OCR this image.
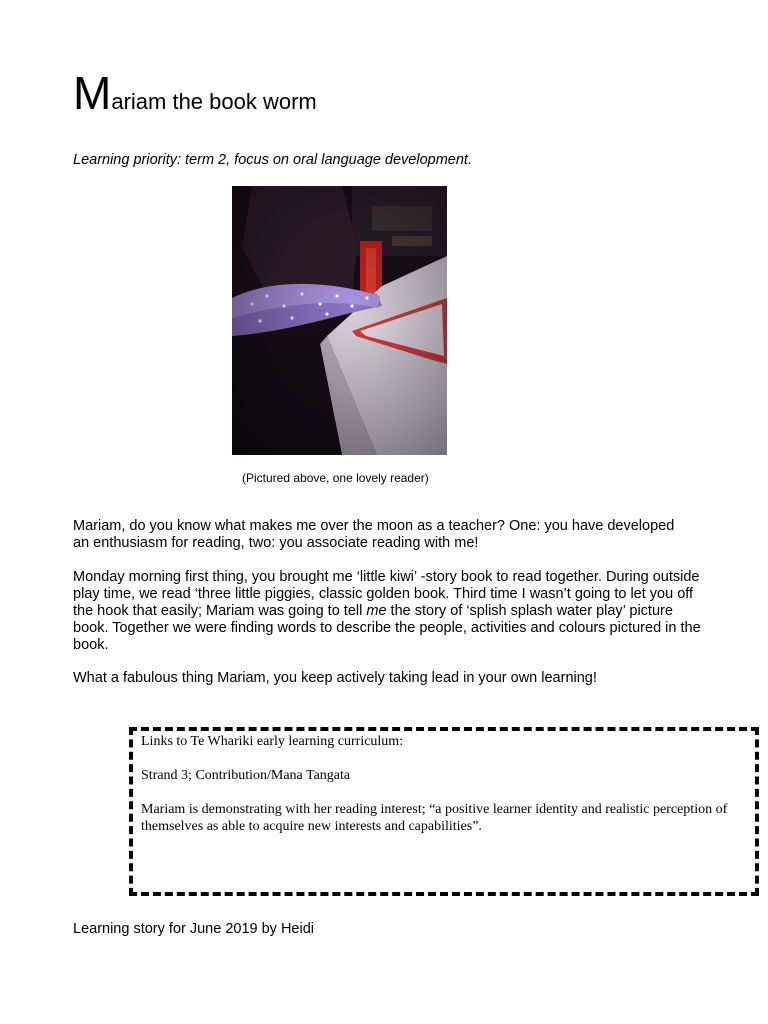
Mariam the book worm
Learning priority: term 2, focus on oral language development.
(Pictured above, one lovely reader)
Mariam, do you know what makes me over the moon as a teacher? One: you have developed an enthusiasm for reading, two: you associate reading with me!
Monday morning first thing, you brought me ‘little kiwi’ -story book to read together. During outside play time, we read ‘three little piggies, classic golden book. Third time I wasn’t going to let you off the hook that easily; Mariam was going to tell me the story of ‘splish splash water play’ picture book. Together we were finding words to describe the people, activities and colours pictured in the book.
What a fabulous thing Mariam, you keep actively taking lead in your own learning!
Links to Te Whariki early learning curriculum:
Strand 3; Contribution/Mana Tangata
Mariam is demonstrating with her reading interest; “a positive learner identity and realistic perception of themselves as able to acquire new interests and capabilities”.
Learning story for June 2019 by Heidi
